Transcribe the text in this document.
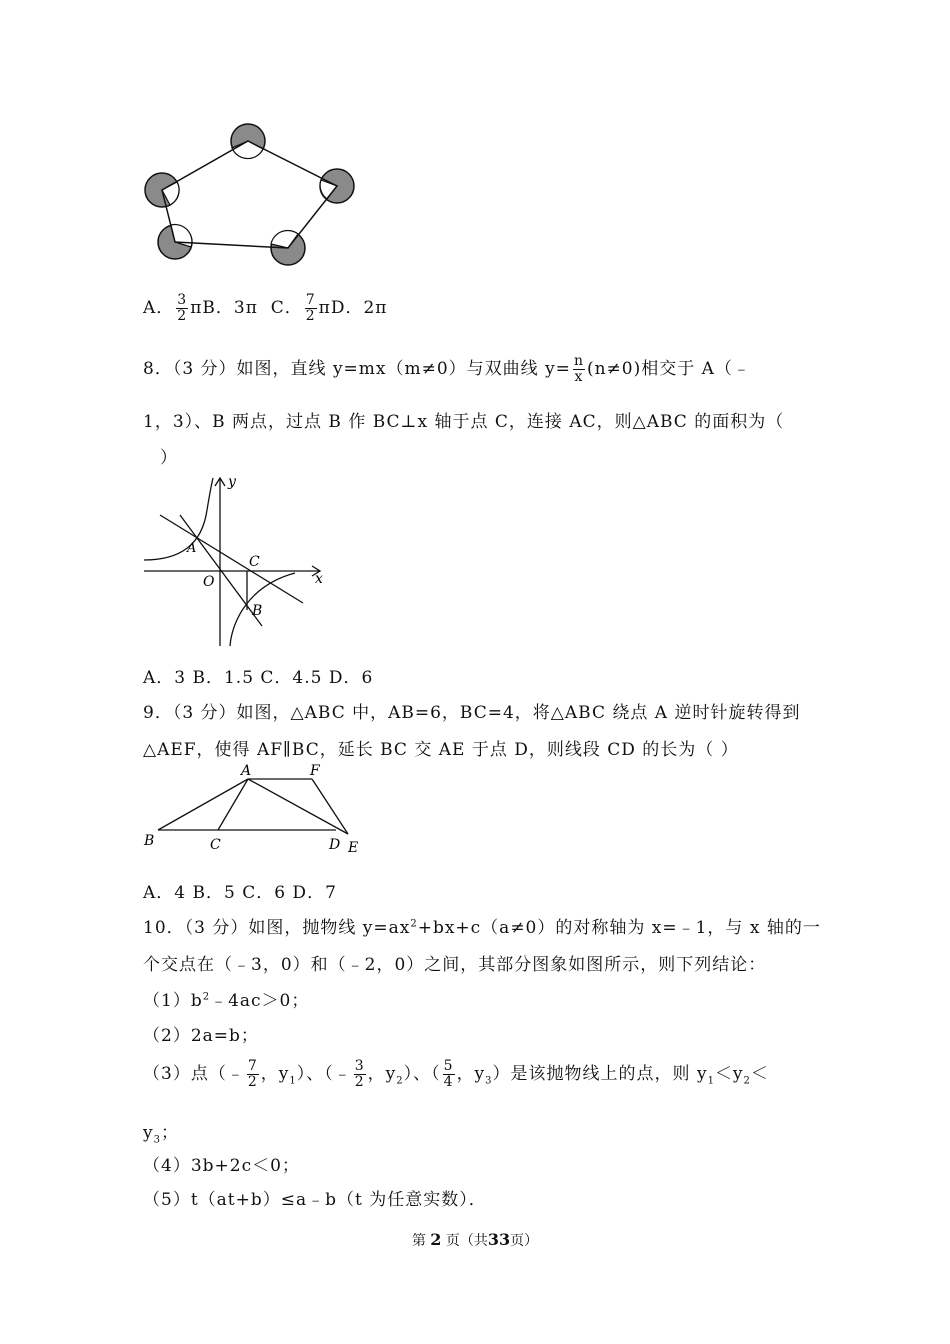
A． $\frac{3}{2}$ πB．3π C． $\frac{7}{2}$ πD．2π
8．（3 分）如图，直线 y=mx（m≠0）与双曲线 $y= \frac{n}{x} (n\ne 0)$相交于 A（﹣
1，3）、B 两点，过点 B 作 BC⊥x 轴于点 C，连接 AC，则△ABC 的面积为（
）
y
x
A
O
C
B
A．3 B．1.5 C．4.5 D．6
9．（3 分）如图，△ABC 中，AB=6，BC=4，将△ABC 绕点 A 逆时针旋转得到
△AEF，使得 AF∥BC，延长 BC 交 AE 于点 D，则线段 CD 的长为（ ）
A	F
B	C	D E
A．4 B．5 C．6 D．7
10．（3 分）如图，抛物线 $y=ax^2+bx+c(a\ne 0)$的对称轴为 x=﹣1，与 x 轴的一
个交点在（﹣3，0）和（﹣2，0）之间，其部分图象如图所示，则下列结论：
$(1)b^2﹣4ac>0$；
（2）2a=b；
（3）点（﹣ $\frac{7}{2}$ ，$y_1$）、（﹣ $\frac{3}{2}$ ，$y_2$）、（ $\frac{5}{4}$ ，$y_3$）是该抛物线上的点，则 $y_1<y_2<$
$y_3$；
（4）3b+2c＜0；
（5）t（at+b）≤a﹣b（t 为任意实数）．
第 2 页（共33页）
